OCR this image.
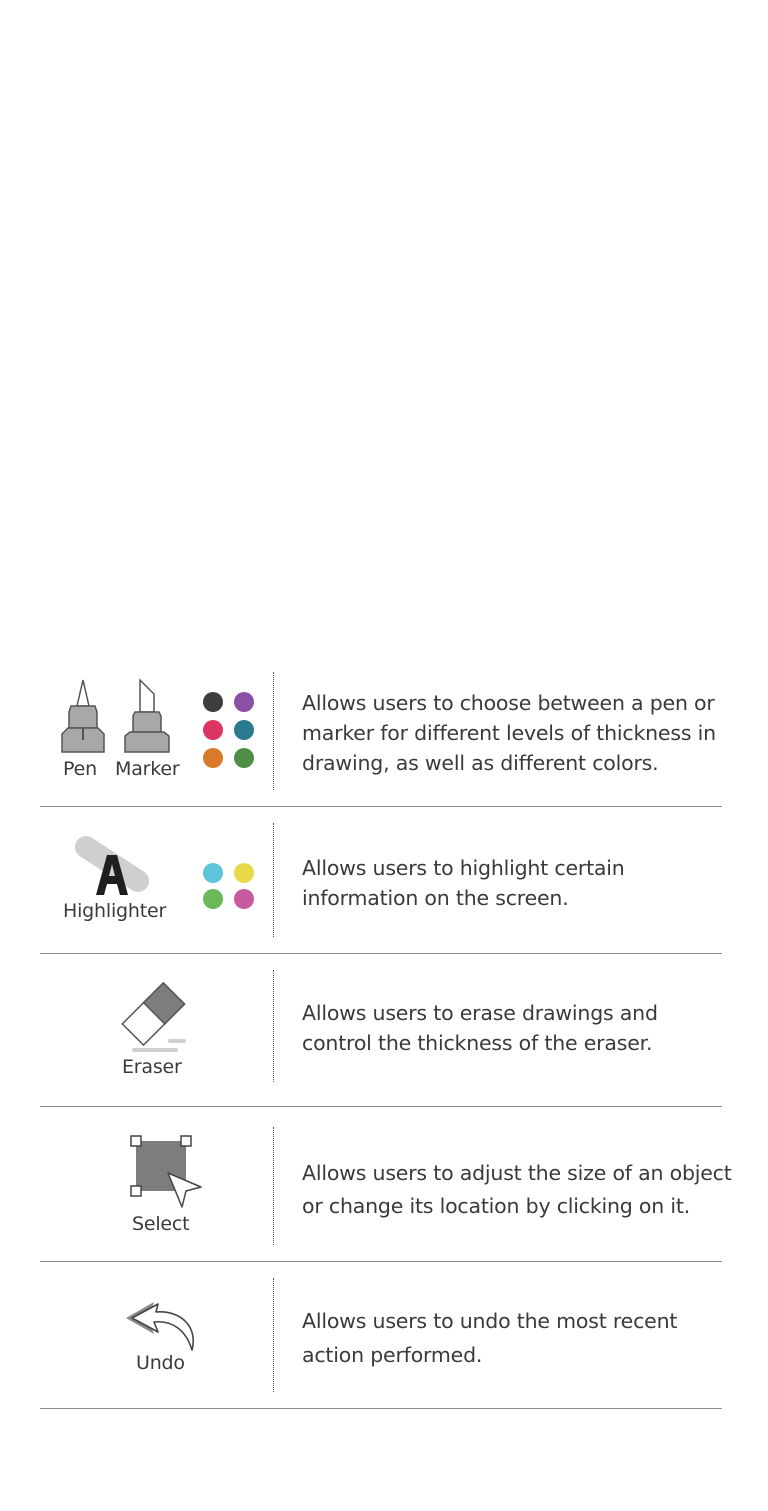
Pen Marker
Allows users to choose between a pen or marker for different levels of thickness in drawing, as well as different colors.
Highlighter
Allows users to highlight certain information on the screen.
Eraser
Allows users to erase drawings and control the thickness of the eraser.
Select
Allows users to adjust the size of an object or change its location by clicking on it.
Undo
Allows users to undo the most recent action performed.
